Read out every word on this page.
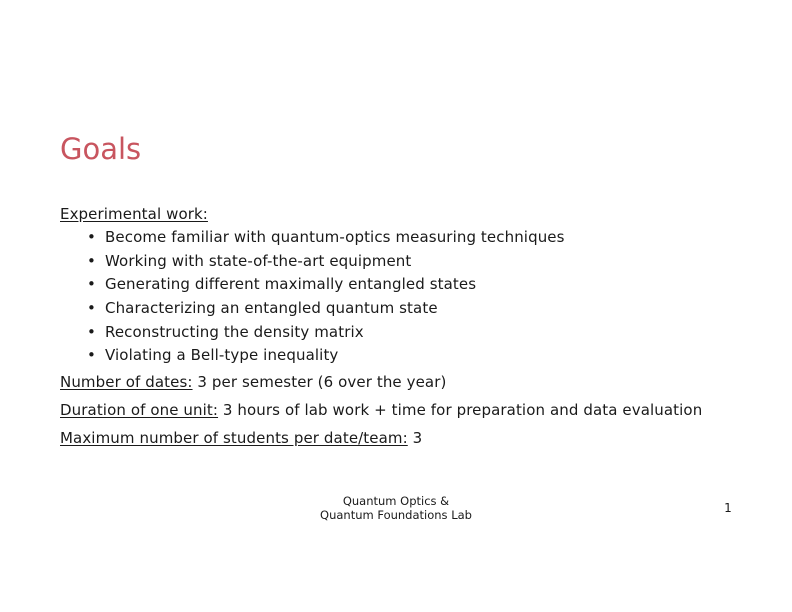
Goals
Experimental work:
• Become familiar with quantum-optics measuring techniques
• Working with state-of-the-art equipment
• Generating different maximally entangled states
• Characterizing an entangled quantum state
• Reconstructing the density matrix
• Violating a Bell-type inequality
Number of dates: 3 per semester (6 over the year)
Duration of one unit: 3 hours of lab work + time for preparation and data evaluation
Maximum number of students per date/team: 3
Quantum Optics &
Quantum Foundations Lab	1
